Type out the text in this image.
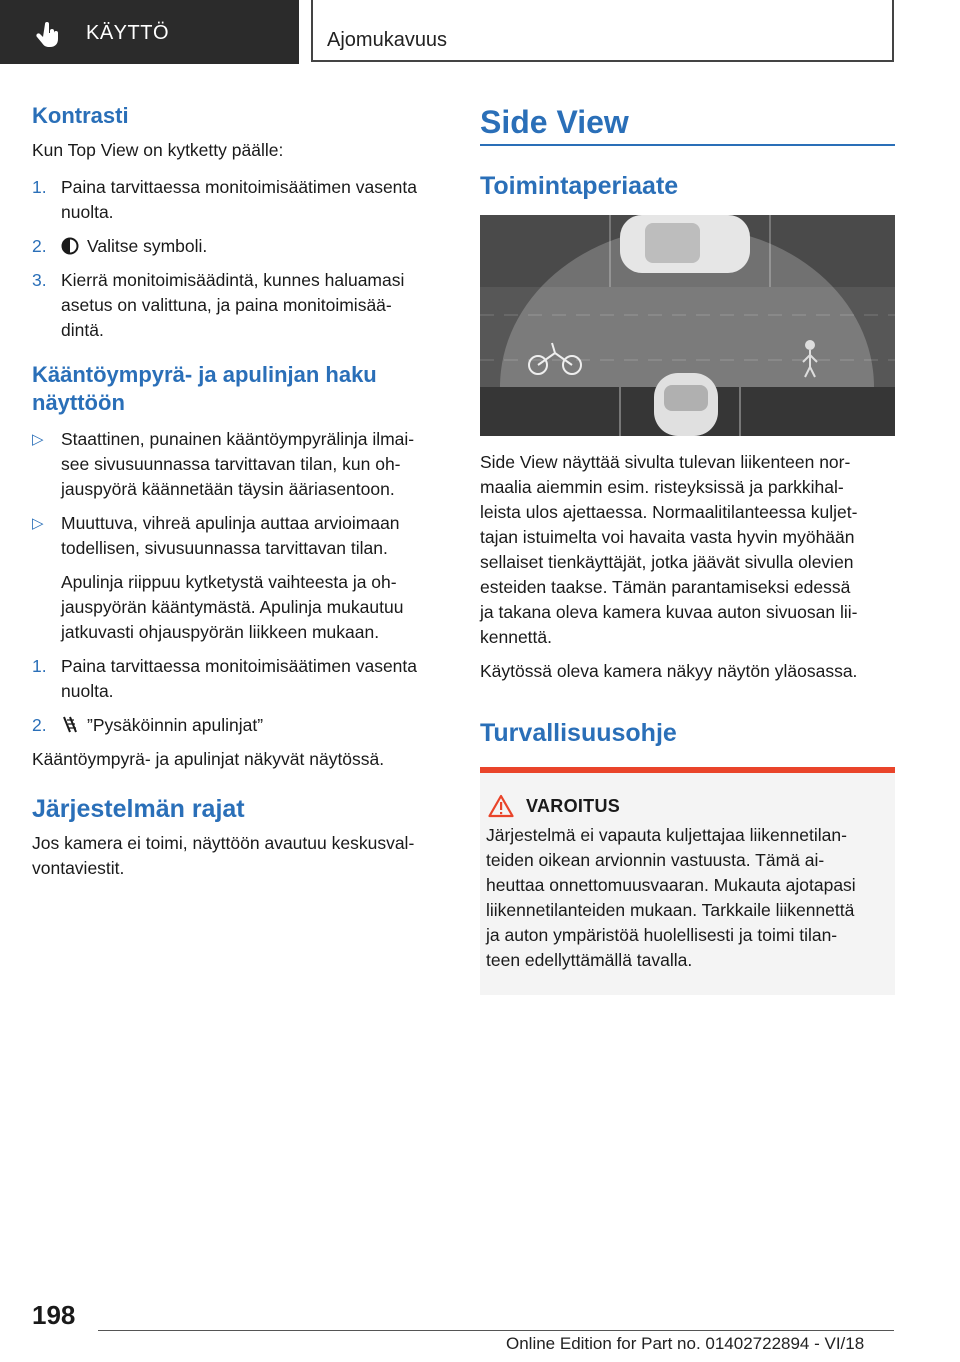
KÄYTTÖ	Ajomukavuus
Kontrasti
Kun Top View on kytketty päälle:
1. Paina tarvittaessa monitoimisäätimen vasenta
nuolta.
2.	Valitse symboli.
3. Kierrä monitoimisäädintä, kunnes haluamasi
asetus on valittuna, ja paina monitoimisää-
dintä.
Kääntöympyrä- ja apulinjan haku
näyttöön
▷ Staattinen, punainen kääntöympyrälinja ilmai-
see sivusuunnassa tarvittavan tilan, kun oh-
jauspyörä käännetään täysin ääriasentoon.
▷ Muuttuva, vihreä apulinja auttaa arvioimaan
todellisen, sivusuunnassa tarvittavan tilan.
Apulinja riippuu kytketystä vaihteesta ja oh-
jauspyörän kääntymästä. Apulinja mukautuu
jatkuvasti ohjauspyörän liikkeen mukaan.
1. Paina tarvittaessa monitoimisäätimen vasenta
nuolta.
2.	”Pysäköinnin apulinjat”
Kääntöympyrä- ja apulinjat näkyvät näytössä.
Järjestelmän rajat
Jos kamera ei toimi, näyttöön avautuu keskusval-
vontaviestit.
Side View
Toimintaperiaate
Side View näyttää sivulta tulevan liikenteen nor-
maalia aiemmin esim. risteyksissä ja parkkihal-
leista ulos ajettaessa. Normaalitilanteessa kuljet-
tajan istuimelta voi havaita vasta hyvin myöhään
sellaiset tienkäyttäjät, jotka jäävät sivulla olevien
esteiden taakse. Tämän parantamiseksi edessä
ja takana oleva kamera kuvaa auton sivuosan lii-
kennettä.
Käytössä oleva kamera näkyy näytön yläosassa.
Turvallisuusohje
VAROITUS
Järjestelmä ei vapauta kuljettajaa liikennetilan-
teiden oikean arvionnin vastuusta. Tämä ai-
heuttaa onnettomuusvaaran. Mukauta ajotapasi
liikennetilanteiden mukaan. Tarkkaile liikennettä
ja auton ympäristöä huolellisesti ja toimi tilan-
teen edellyttämällä tavalla.
198
Online Edition for Part no. 01402722894 - VI/18
